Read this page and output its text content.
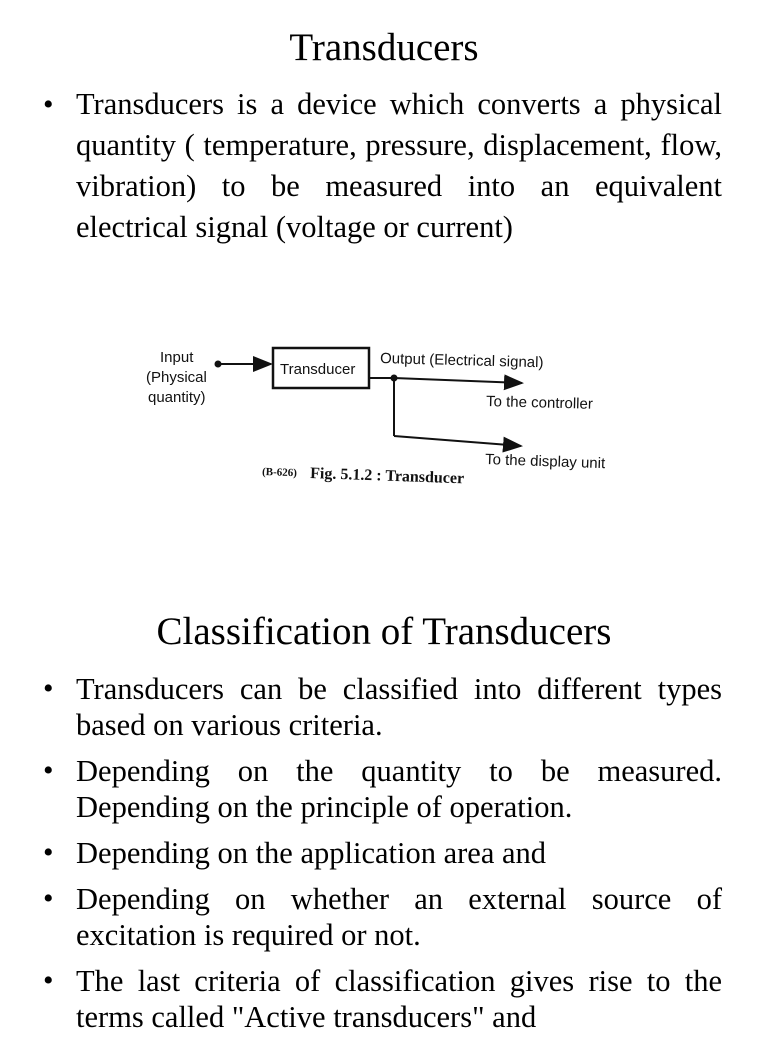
Transducers
• Transducers is a device which converts a physical quantity ( temperature, pressure, displacement, flow, vibration) to be measured into an equivalent electrical signal (voltage or current)
Input
(Physical
quantity)
Transducer Output (Electrical signal)
To the controller
To the display unit
(B-626) Fig. 5.1.2 : Transducer
Classification of Transducers
• Transducers can be classified into different types based on various criteria.
• Depending on the quantity to be measured. Depending on the principle of operation.
• Depending on the application area and
• Depending on whether an external source of excitation is required or not.
• The last criteria of classification gives rise to the terms called "Active transducers" and
